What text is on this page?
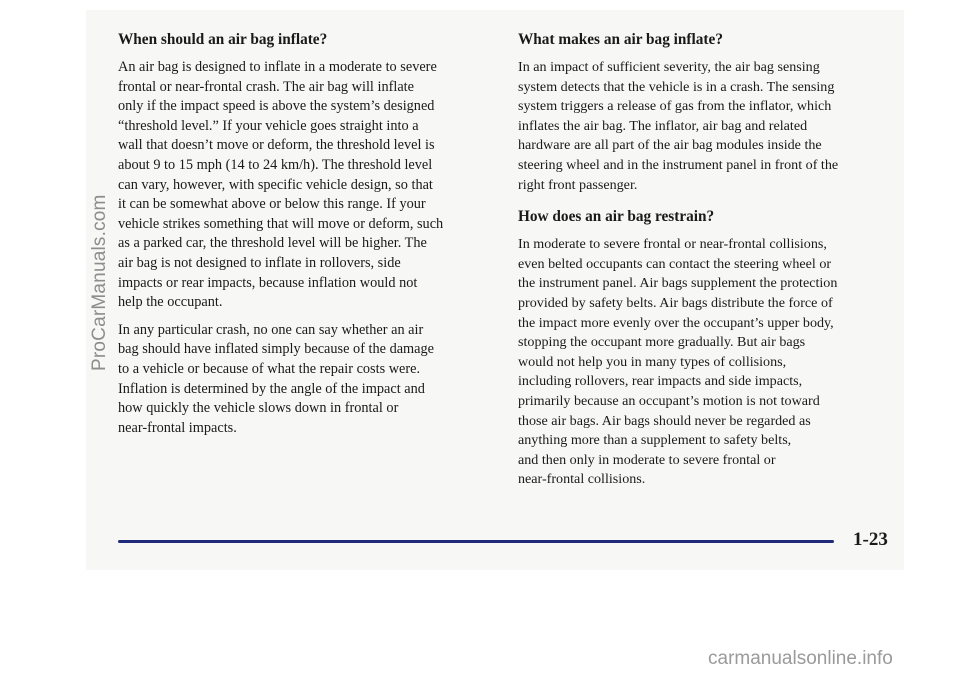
When should an air bag inflate?

An air bag is designed to inflate in a moderate to severe
frontal or near-frontal crash. The air bag will inflate
only if the impact speed is above the system’s designed
“threshold level.” If your vehicle goes straight into a
wall that doesn’t move or deform, the threshold level is
about 9 to 15 mph (14 to 24 km/h). The threshold level
can vary, however, with specific vehicle design, so that
it can be somewhat above or below this range. If your
vehicle strikes something that will move or deform, such
as a parked car, the threshold level will be higher. The
air bag is not designed to inflate in rollovers, side
impacts or rear impacts, because inflation would not
help the occupant.

In any particular crash, no one can say whether an air
bag should have inflated simply because of the damage
to a vehicle or because of what the repair costs were.
Inflation is determined by the angle of the impact and
how quickly the vehicle slows down in frontal or
near-frontal impacts.

What makes an air bag inflate?

In an impact of sufficient severity, the air bag sensing
system detects that the vehicle is in a crash. The sensing
system triggers a release of gas from the inflator, which
inflates the air bag. The inflator, air bag and related
hardware are all part of the air bag modules inside the
steering wheel and in the instrument panel in front of the
right front passenger.

How does an air bag restrain?

In moderate to severe frontal or near-frontal collisions,
even belted occupants can contact the steering wheel or
the instrument panel. Air bags supplement the protection
provided by safety belts. Air bags distribute the force of
the impact more evenly over the occupant’s upper body,
stopping the occupant more gradually. But air bags
would not help you in many types of collisions,
including rollovers, rear impacts and side impacts,
primarily because an occupant’s motion is not toward
those air bags. Air bags should never be regarded as
anything more than a supplement to safety belts,
and then only in moderate to severe frontal or
near-frontal collisions.

1-23
ProCarManuals.com
carmanualsonline.info
